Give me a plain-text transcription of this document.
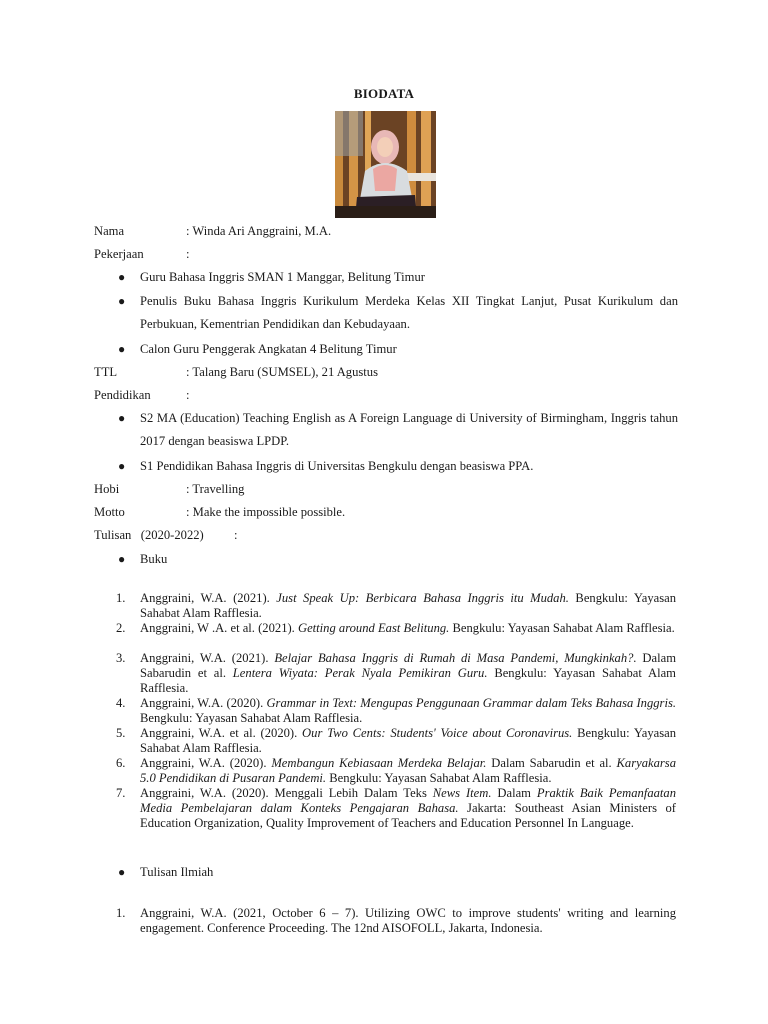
BIODATA
Nama	: Winda Ari Anggraini, M.A.
Pekerjaan	:
● Guru Bahasa Inggris SMAN 1 Manggar, Belitung Timur
● Penulis Buku Bahasa Inggris Kurikulum Merdeka Kelas XII Tingkat Lanjut, Pusat Kurikulum dan Perbukuan, Kementrian Pendidikan dan Kebudayaan.
● Calon Guru Penggerak Angkatan 4 Belitung Timur
TTL	: Talang Baru (SUMSEL), 21 Agustus
Pendidikan	:
● S2 MA (Education) Teaching English as A Foreign Language di University of Birmingham, Inggris tahun 2017 dengan beasiswa LPDP.
● S1 Pendidikan Bahasa Inggris di Universitas Bengkulu dengan beasiswa PPA.
Hobi	: Travelling
Motto	: Make the impossible possible.
Tulisan   (2020-2022) :
● Buku
1. Anggraini, W.A. (2021). Just Speak Up: Berbicara Bahasa Inggris itu Mudah. Bengkulu: Yayasan Sahabat Alam Rafflesia.
2. Anggraini, W .A. et al. (2021). Getting around East Belitung. Bengkulu: Yayasan Sahabat Alam Rafflesia.
3. Anggraini, W.A. (2021). Belajar Bahasa Inggris di Rumah di Masa Pandemi, Mungkinkah?. Dalam Sabarudin et al. Lentera Wiyata: Perak Nyala Pemikiran Guru. Bengkulu: Yayasan Sahabat Alam Rafflesia.
4. Anggraini, W.A. (2020). Grammar in Text: Mengupas Penggunaan Grammar dalam Teks Bahasa Inggris. Bengkulu: Yayasan Sahabat Alam Rafflesia.
5. Anggraini, W.A. et al. (2020). Our Two Cents: Students' Voice about Coronavirus. Bengkulu: Yayasan Sahabat Alam Rafflesia.
6. Anggraini, W.A. (2020). Membangun Kebiasaan Merdeka Belajar. Dalam Sabarudin et al. Karyakarsa 5.0 Pendidikan di Pusaran Pandemi. Bengkulu: Yayasan Sahabat Alam Rafflesia.
7. Anggraini, W.A. (2020). Menggali Lebih Dalam Teks News Item. Dalam Praktik Baik Pemanfaatan Media Pembelajaran dalam Konteks Pengajaran Bahasa. Jakarta: Southeast Asian Ministers of Education Organization, Quality Improvement of Teachers and Education Personnel In Language.
● Tulisan Ilmiah
1. Anggraini, W.A. (2021, October 6 – 7). Utilizing OWC to improve students' writing and learning engagement. Conference Proceeding. The 12nd AISOFOLL, Jakarta, Indonesia.
